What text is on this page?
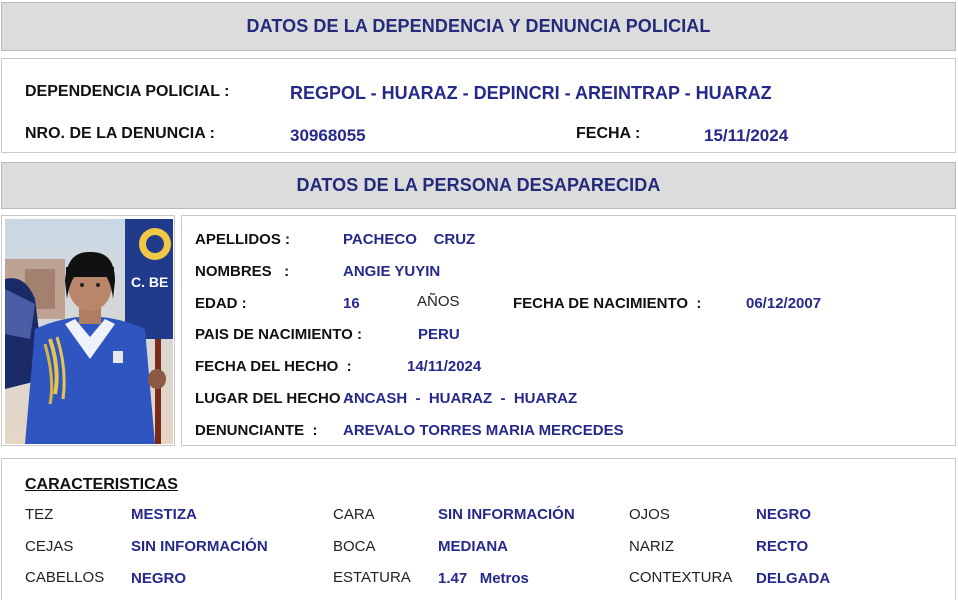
DATOS DE LA DEPENDENCIA Y DENUNCIA POLICIAL
DEPENDENCIA POLICIAL :	REGPOL - HUARAZ - DEPINCRI - AREINTRAP - HUARAZ
NRO. DE LA DENUNCIA :	30968055	FECHA :	15/11/2024
DATOS DE LA PERSONA DESAPARECIDA
C. BE
APELLIDOS :	PACHECO    CRUZ
NOMBRES   :	ANGIE YUYIN
EDAD :	16	AÑOS	FECHA DE NACIMIENTO  :	06/12/2007
PAIS DE NACIMIENTO :	PERU
FECHA DEL HECHO  :	14/11/2024
LUGAR DEL HECHO  :
ANCASH  -  HUARAZ  -  HUARAZ
DENUNCIANTE  : AREVALO TORRES MARIA MERCEDES
CARACTERISTICAS
TEZ	MESTIZA	CARA	SIN INFORMACIÓN	OJOS	NEGRO
CEJAS	SIN INFORMACIÓN	BOCA	MEDIANA	NARIZ	RECTO
CABELLOS NEGRO	ESTATURA 1.47   Metros	CONTEXTURA DELGADA
